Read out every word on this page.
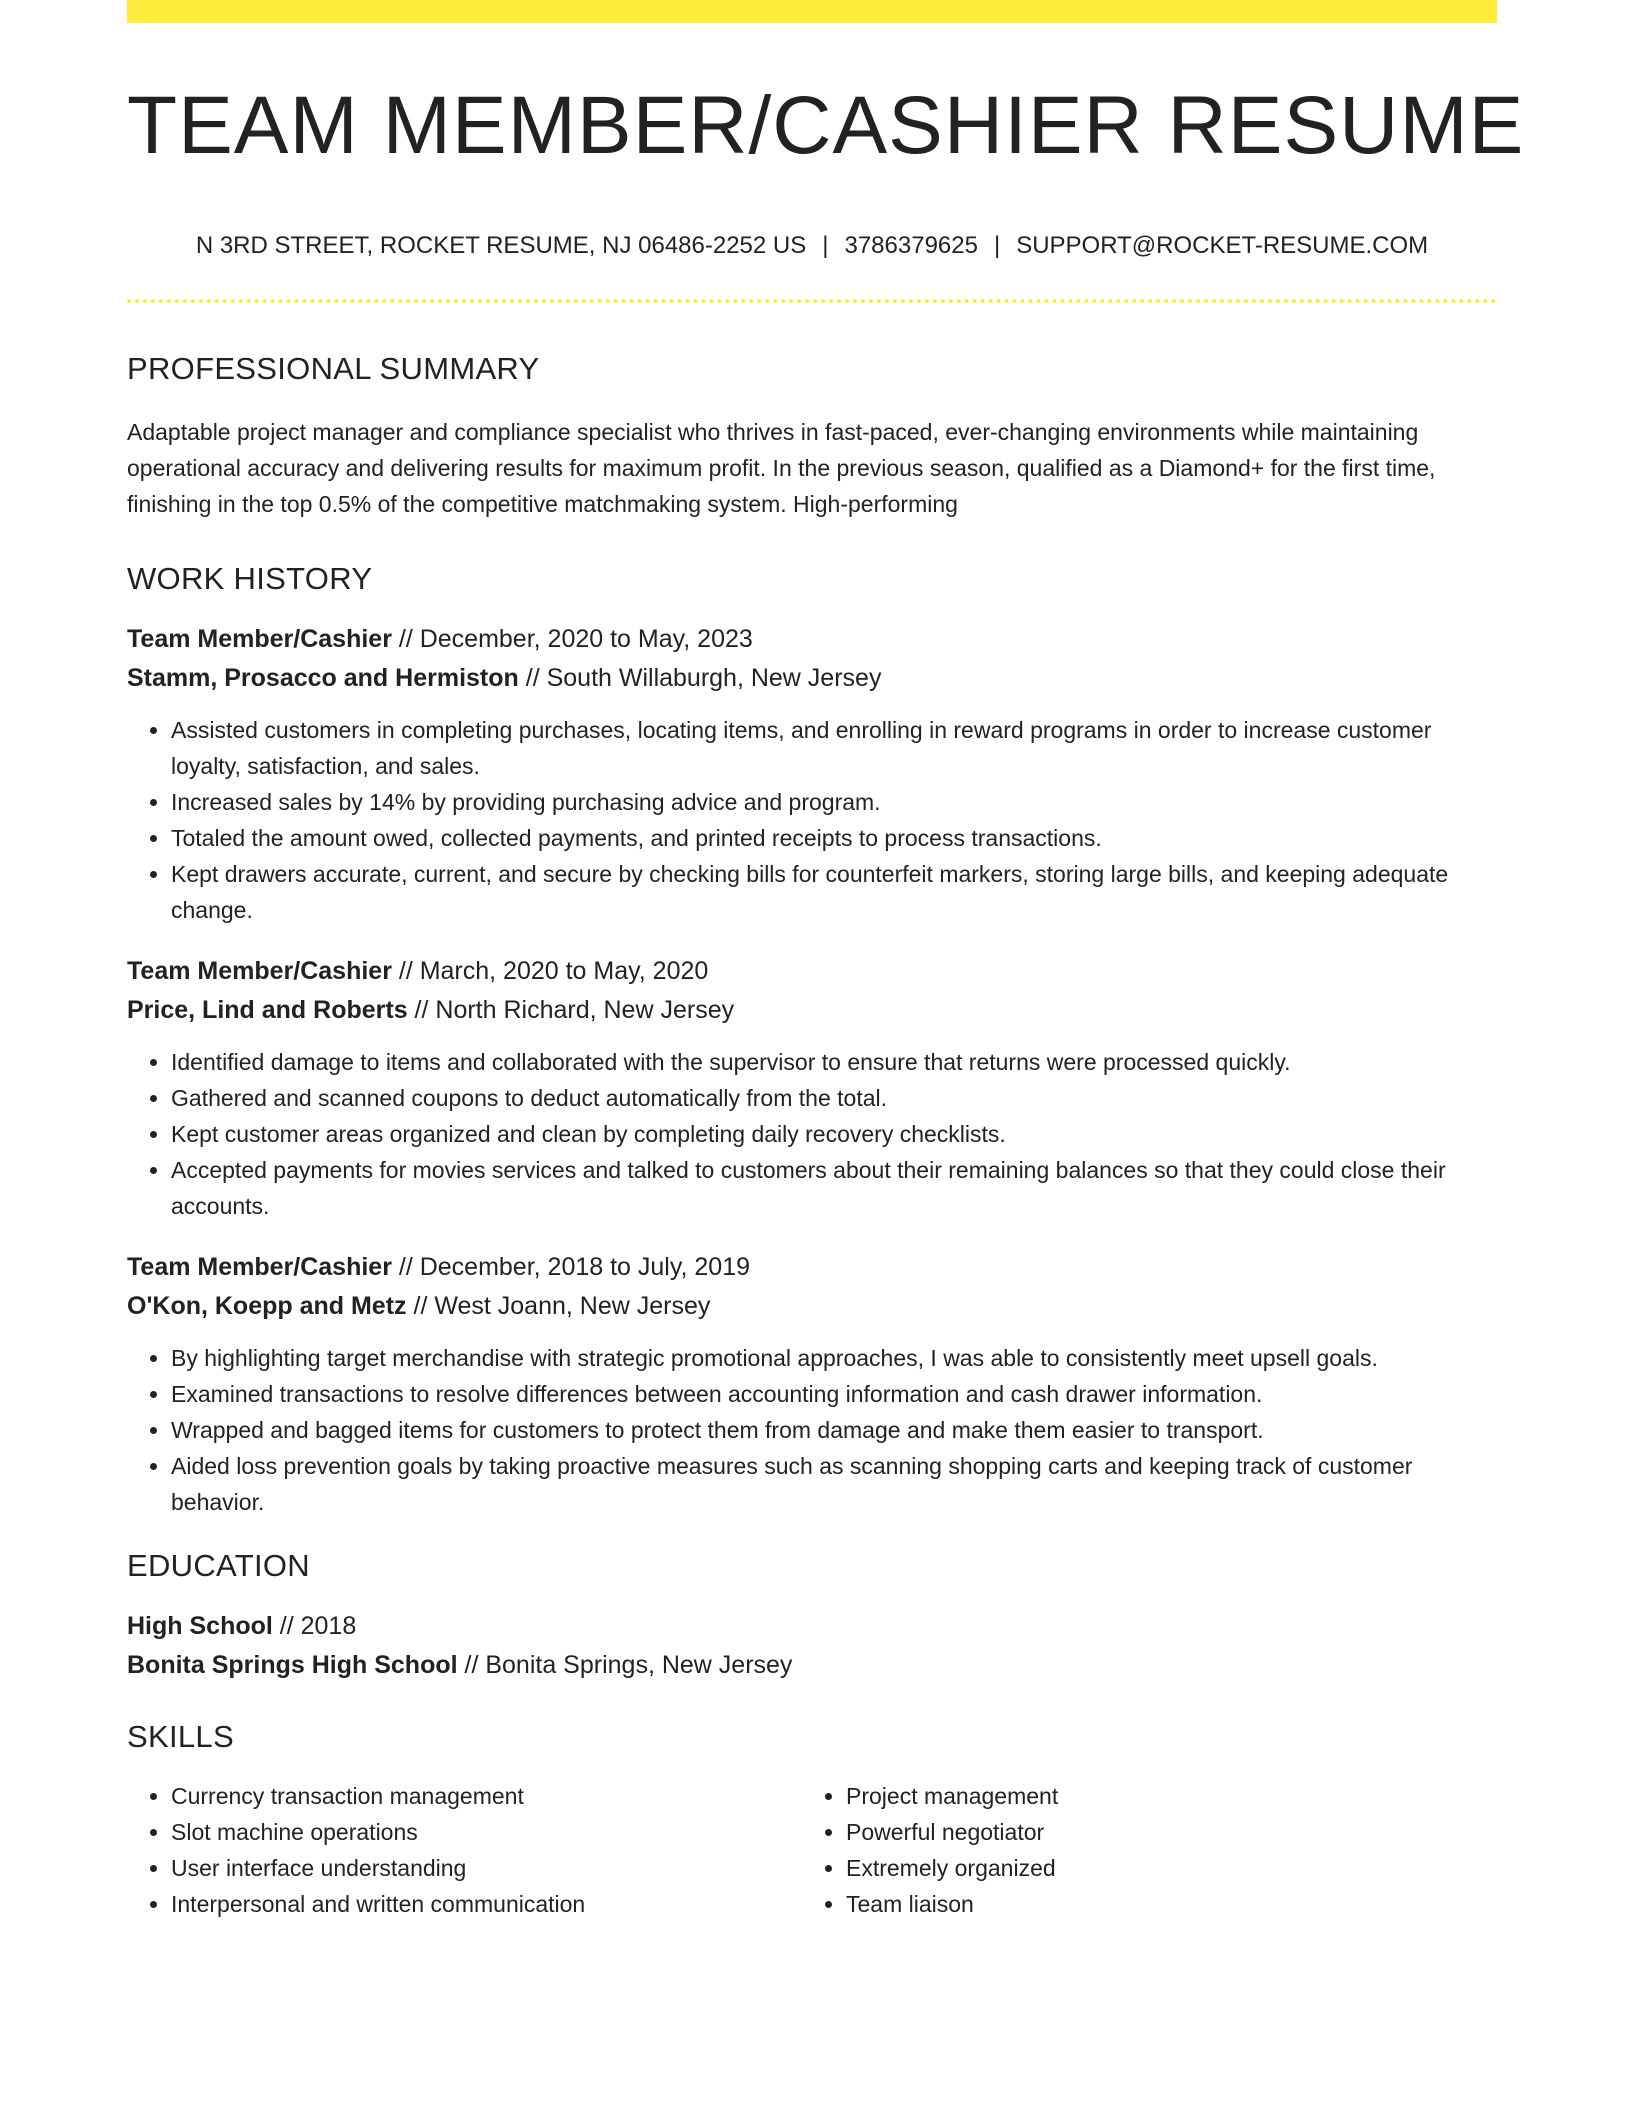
TEAM MEMBER/CASHIER RESUME
N 3RD STREET, ROCKET RESUME, NJ 06486-2252 US | 3786379625 | SUPPORT@ROCKET-RESUME.COM
PROFESSIONAL SUMMARY

Adaptable project manager and compliance specialist who thrives in fast-paced, ever-changing environments while maintaining operational accuracy and delivering results for maximum profit. In the previous season, qualified as a Diamond+ for the first time, finishing in the top 0.5% of the competitive matchmaking system. High-performing

WORK HISTORY
Team Member/Cashier // December, 2020 to May, 2023
Stamm, Prosacco and Hermiston // South Willaburgh, New Jersey
• Assisted customers in completing purchases, locating items, and enrolling in reward programs in order to increase customer loyalty, satisfaction, and sales.
• Increased sales by 14% by providing purchasing advice and program.
• Totaled the amount owed, collected payments, and printed receipts to process transactions.
• Kept drawers accurate, current, and secure by checking bills for counterfeit markers, storing large bills, and keeping adequate change.
Team Member/Cashier // March, 2020 to May, 2020
Price, Lind and Roberts // North Richard, New Jersey
• Identified damage to items and collaborated with the supervisor to ensure that returns were processed quickly.
• Gathered and scanned coupons to deduct automatically from the total.
• Kept customer areas organized and clean by completing daily recovery checklists.
• Accepted payments for movies services and talked to customers about their remaining balances so that they could close their accounts.
Team Member/Cashier // December, 2018 to July, 2019
O'Kon, Koepp and Metz // West Joann, New Jersey
• By highlighting target merchandise with strategic promotional approaches, I was able to consistently meet upsell goals.
• Examined transactions to resolve differences between accounting information and cash drawer information.
• Wrapped and bagged items for customers to protect them from damage and make them easier to transport.
• Aided loss prevention goals by taking proactive measures such as scanning shopping carts and keeping track of customer behavior.
EDUCATION
High School // 2018
Bonita Springs High School // Bonita Springs, New Jersey
SKILLS
• Currency transaction management
• Slot machine operations
• User interface understanding
• Interpersonal and written communication
• Project management
• Powerful negotiator
• Extremely organized
• Team liaison
